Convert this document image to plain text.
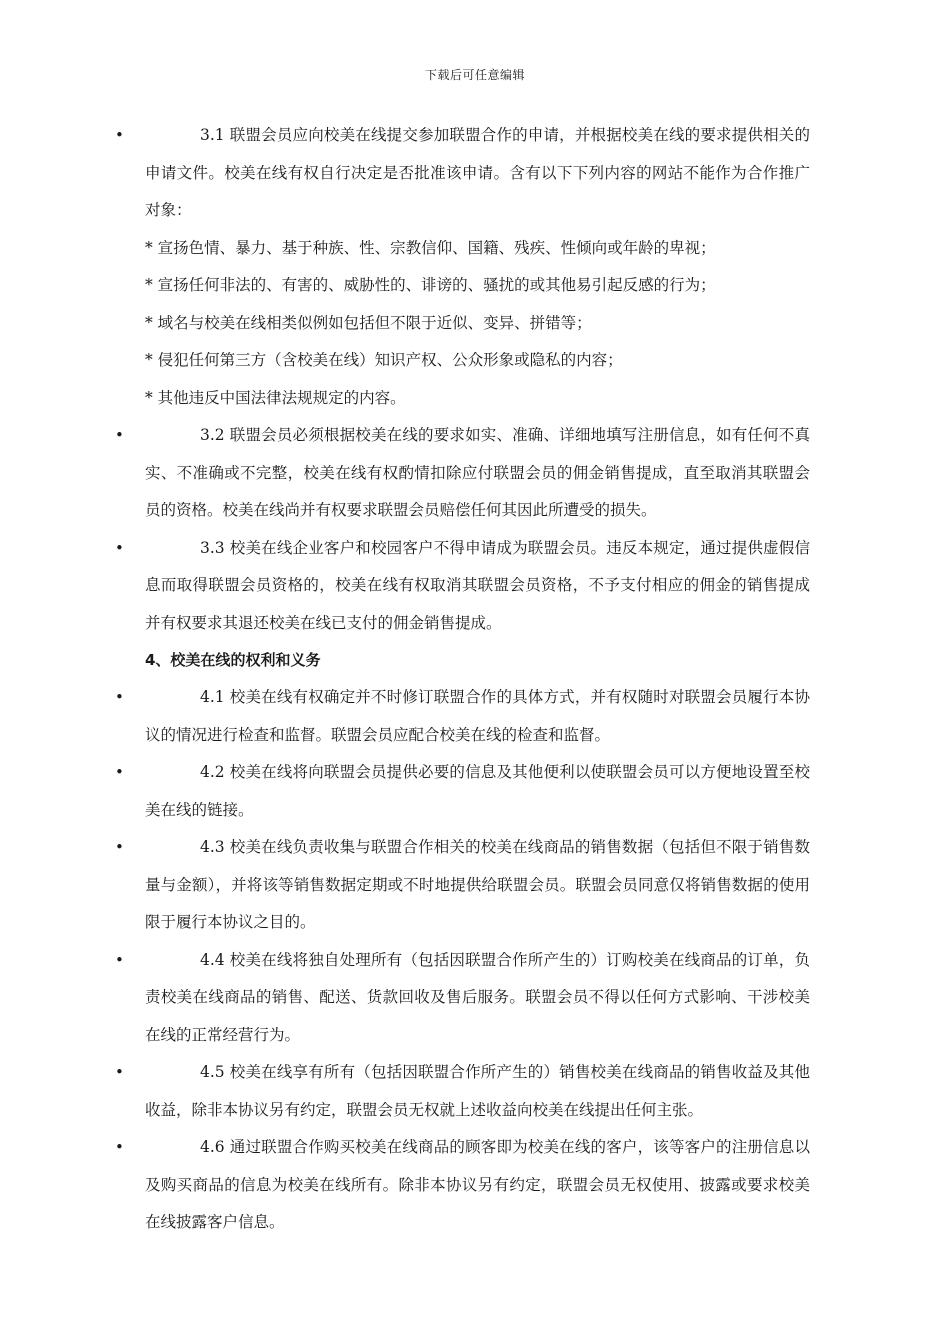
下载后可任意编辑

•	3.1 联盟会员应向校美在线提交参加联盟合作的申请，并根据校美在线的要求提供相关的申请文件。校美在线有权自行决定是否批准该申请。含有以下下列内容的网站不能作为合作推广对象：

* 宣扬色情、暴力、基于种族、性、宗教信仰、国籍、残疾、性倾向或年龄的卑视；

* 宣扬任何非法的、有害的、威胁性的、诽谤的、骚扰的或其他易引起反感的行为；

* 域名与校美在线相类似例如包括但不限于近似、变异、拼错等；

* 侵犯任何第三方（含校美在线）知识产权、公众形象或隐私的内容；

* 其他违反中国法律法规规定的内容。

•	3.2 联盟会员必须根据校美在线的要求如实、准确、详细地填写注册信息，如有任何不真实、不准确或不完整，校美在线有权酌情扣除应付联盟会员的佣金销售提成，直至取消其联盟会员的资格。校美在线尚并有权要求联盟会员赔偿任何其因此所遭受的损失。

•	3.3 校美在线企业客户和校园客户不得申请成为联盟会员。违反本规定，通过提供虚假信息而取得联盟会员资格的，校美在线有权取消其联盟会员资格，不予支付相应的佣金的销售提成并有权要求其退还校美在线已支付的佣金销售提成。

4、校美在线的权利和义务

•	4.1 校美在线有权确定并不时修订联盟合作的具体方式，并有权随时对联盟会员履行本协议的情况进行检查和监督。联盟会员应配合校美在线的检查和监督。

•	4.2 校美在线将向联盟会员提供必要的信息及其他便利以使联盟会员可以方便地设置至校美在线的链接。

•	4.3 校美在线负责收集与联盟合作相关的校美在线商品的销售数据（包括但不限于销售数量与金额），并将该等销售数据定期或不时地提供给联盟会员。联盟会员同意仅将销售数据的使用限于履行本协议之目的。

•	4.4 校美在线将独自处理所有（包括因联盟合作所产生的）订购校美在线商品的订单，负责校美在线商品的销售、配送、货款回收及售后服务。联盟会员不得以任何方式影响、干涉校美在线的正常经营行为。

•	4.5 校美在线享有所有（包括因联盟合作所产生的）销售校美在线商品的销售收益及其他收益，除非本协议另有约定，联盟会员无权就上述收益向校美在线提出任何主张。

•	4.6 通过联盟合作购买校美在线商品的顾客即为校美在线的客户，该等客户的注册信息以及购买商品的信息为校美在线所有。除非本协议另有约定，联盟会员无权使用、披露或要求校美在线披露客户信息。
